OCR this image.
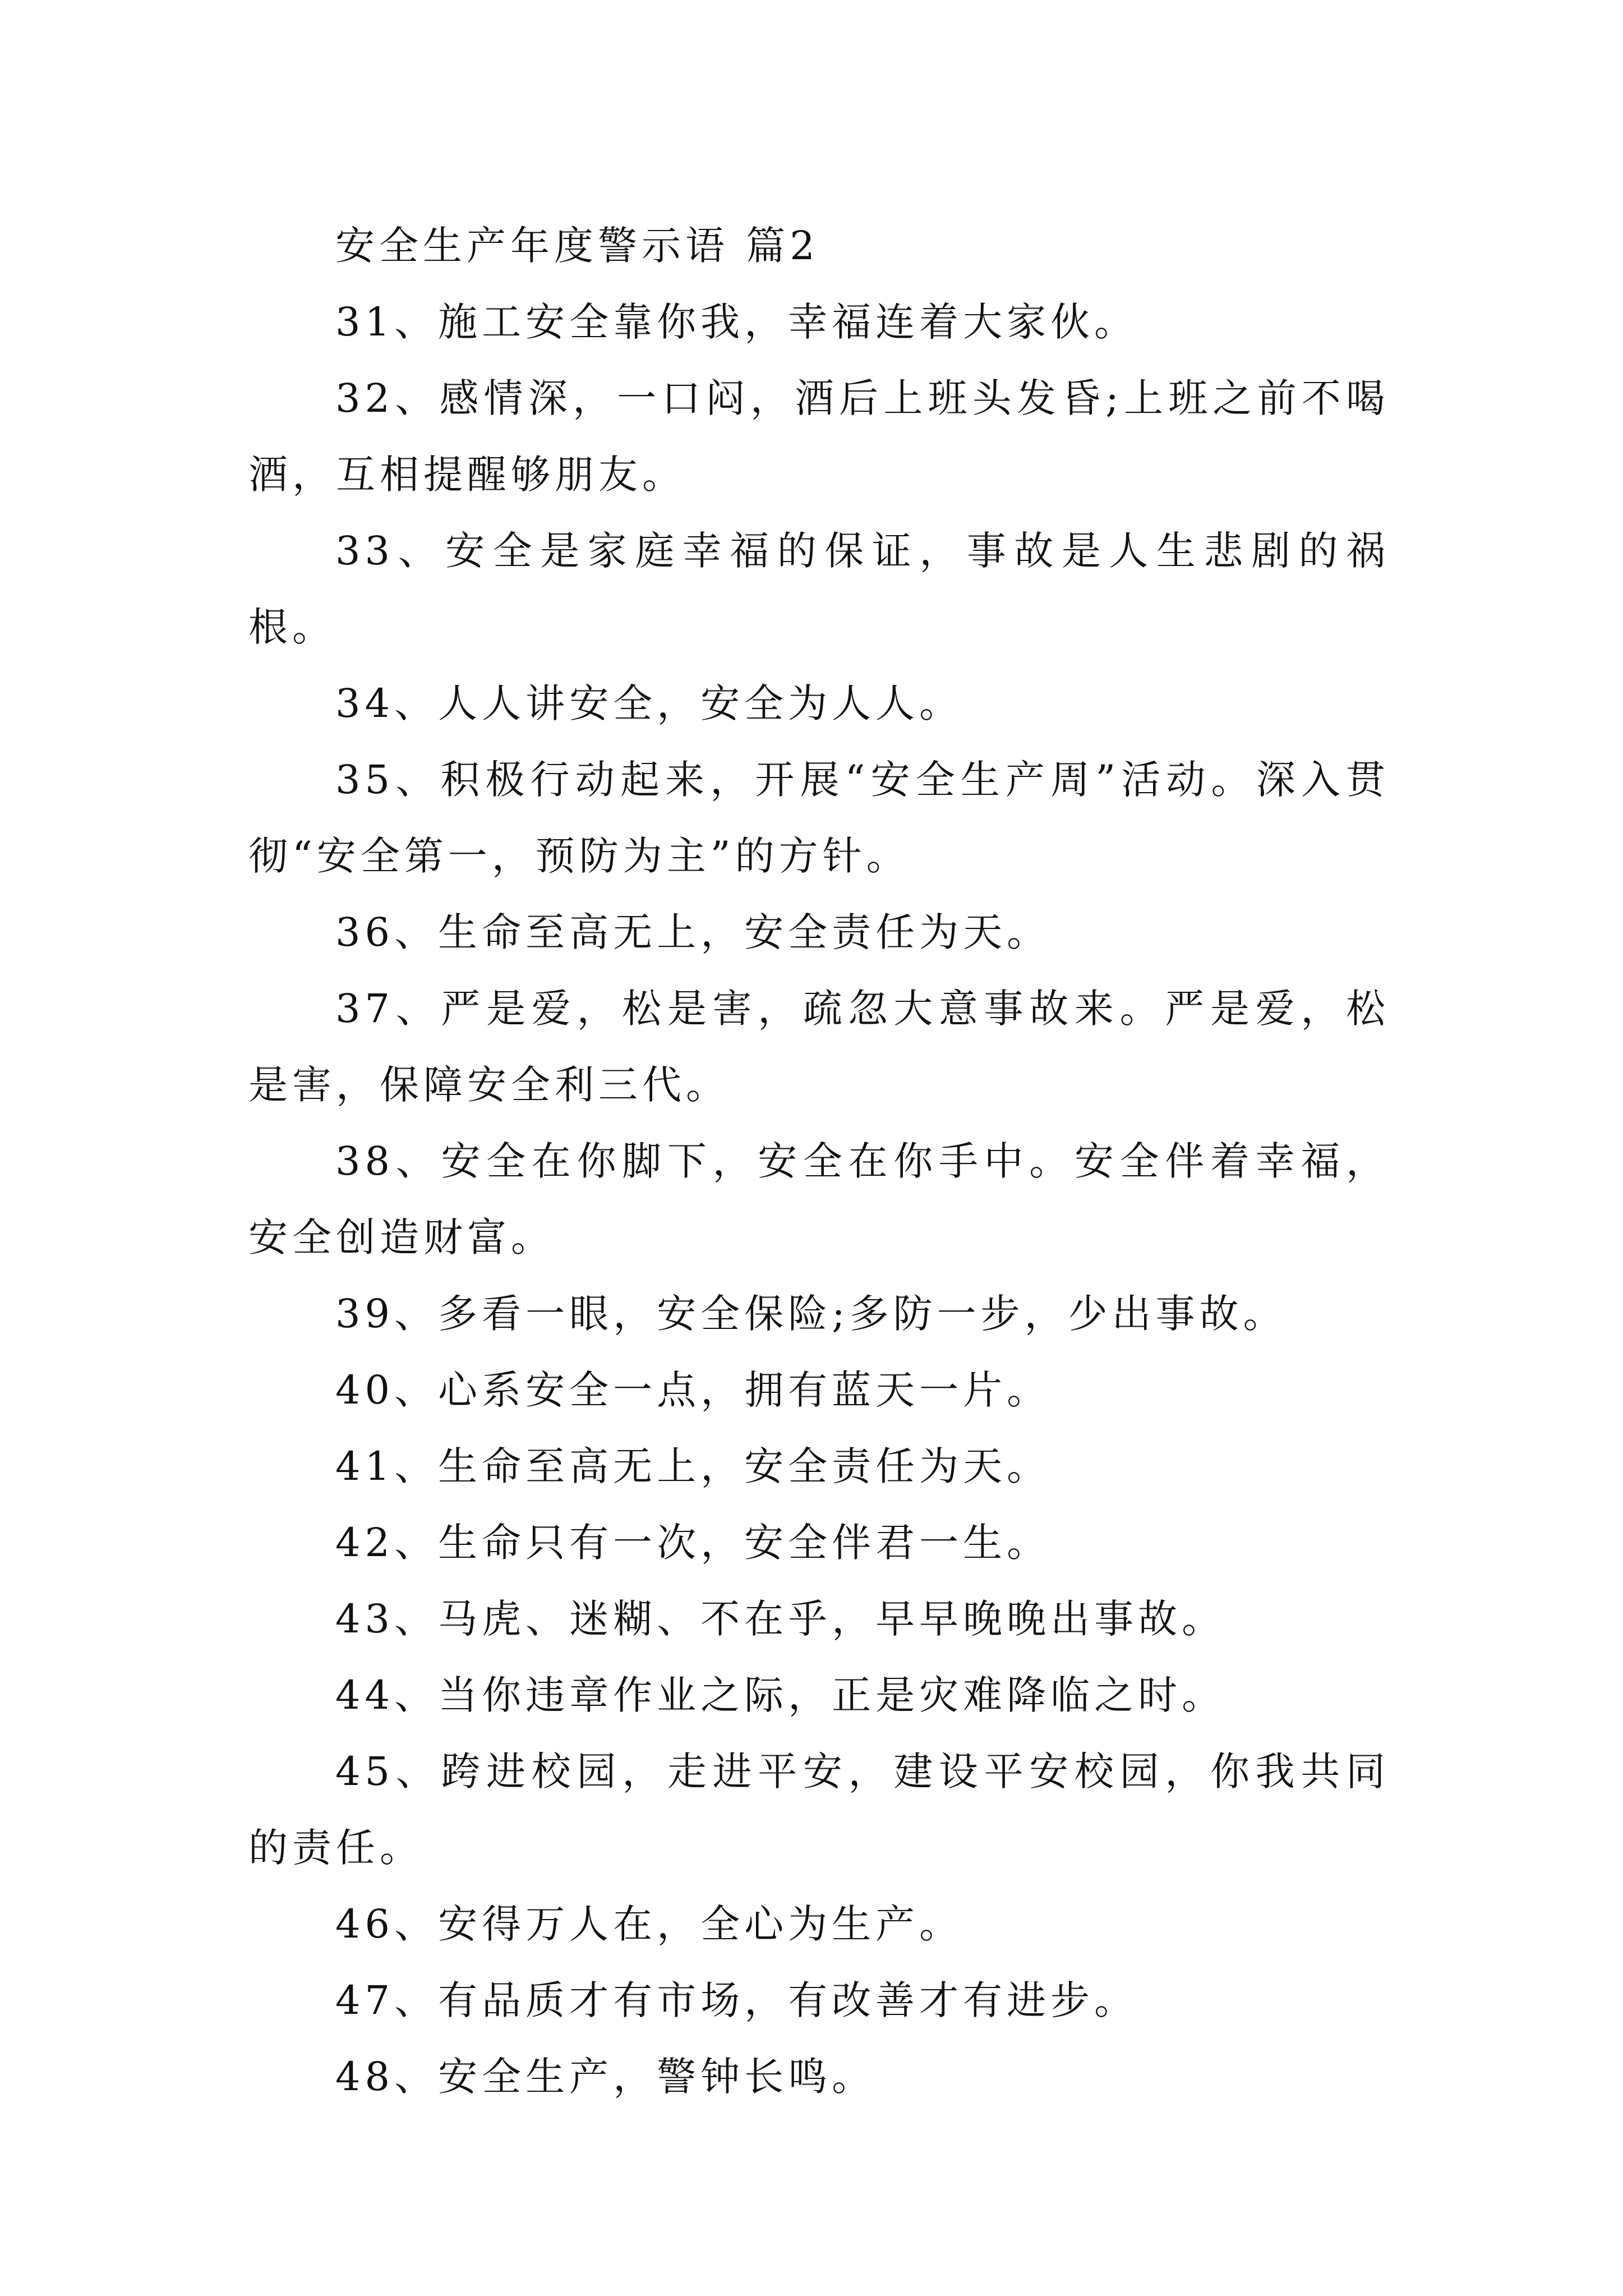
安全生产年度警示语 篇2

31、施工安全靠你我，幸福连着大家伙。

32、感情深，一口闷，酒后上班头发昏;上班之前不喝酒，互相提醒够朋友。

33、安全是家庭幸福的保证，事故是人生悲剧的祸根。

34、人人讲安全，安全为人人。

35、积极行动起来，开展“安全生产周”活动。深入贯彻“安全第一，预防为主”的方针。

36、生命至高无上，安全责任为天。

37、严是爱，松是害，疏忽大意事故来。严是爱，松是害，保障安全利三代。

38、安全在你脚下，安全在你手中。安全伴着幸福，安全创造财富。

39、多看一眼，安全保险;多防一步，少出事故。

40、心系安全一点，拥有蓝天一片。

41、生命至高无上，安全责任为天。

42、生命只有一次，安全伴君一生。

43、马虎、迷糊、不在乎，早早晚晚出事故。

44、当你违章作业之际，正是灾难降临之时。

45、跨进校园，走进平安，建设平安校园，你我共同的责任。

46、安得万人在，全心为生产。

47、有品质才有市场，有改善才有进步。

48、安全生产，警钟长鸣。
